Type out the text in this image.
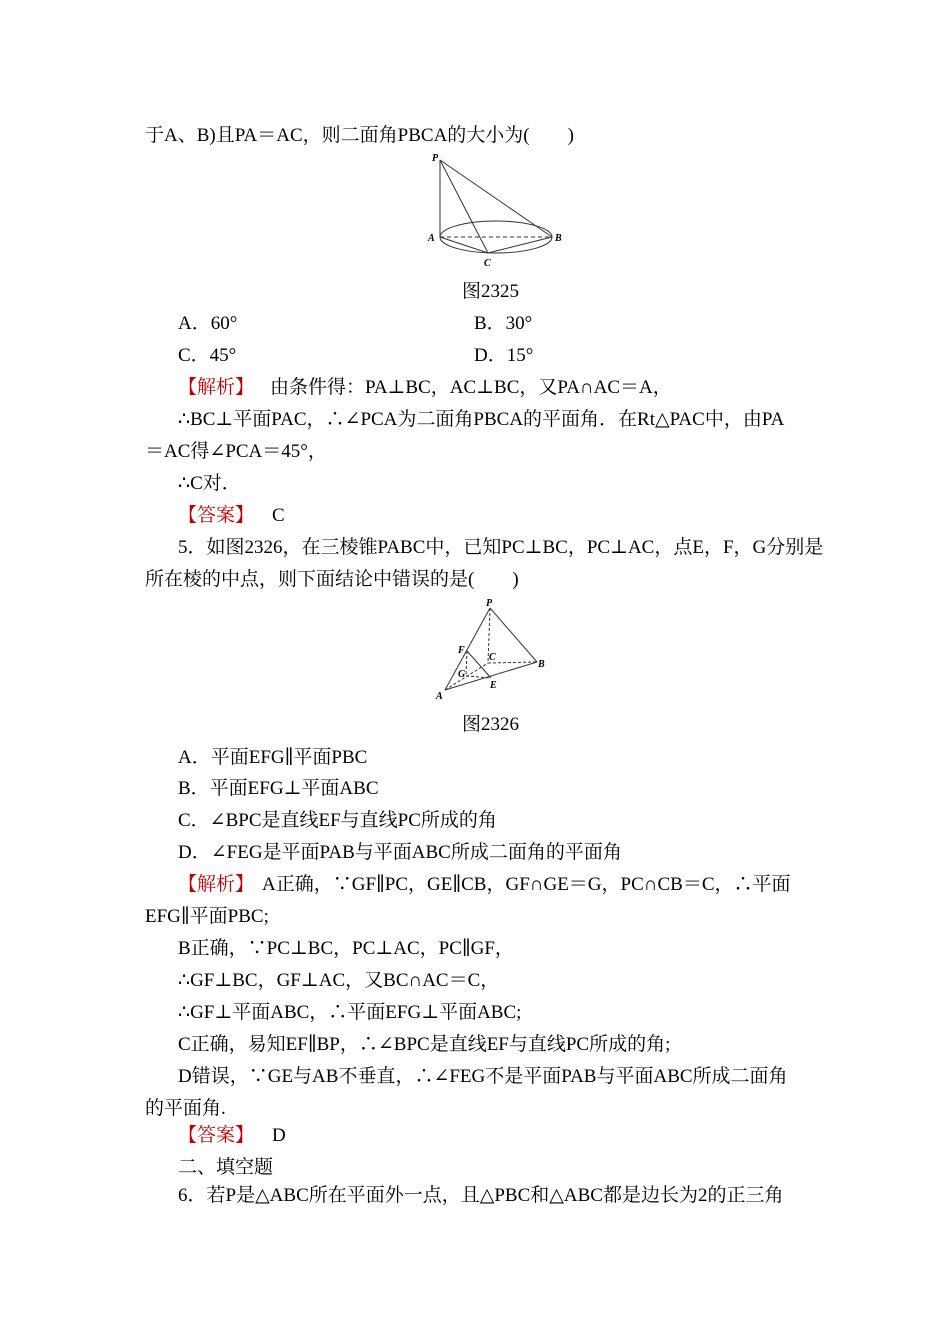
于A、B)且PA＝AC，则二面角PBCA的大小为(　　)
P
A	B
C
图2325
A．60°	B．30°
C．45°	D．15°
【解析】 由条件得：PA⊥BC，AC⊥BC，又PA∩AC＝A，
∴BC⊥平面PAC，∴∠PCA为二面角PBCA的平面角．在Rt△PAC中，由PA
＝AC得∠PCA＝45°，
∴C对．
【答案】 C
5．如图2326，在三棱锥PABC中，已知PC⊥BC，PC⊥AC，点E，F，G分别是
所在棱的中点，则下面结论中错误的是(　　)
P
F
C
B
G
E
A
图2326
A．平面EFG∥平面PBC
B．平面EFG⊥平面ABC
C．∠BPC是直线EF与直线PC所成的角
D．∠FEG是平面PAB与平面ABC所成二面角的平面角
【解析】 A正确，∵GF∥PC，GE∥CB，GF∩GE＝G，PC∩CB＝C，∴平面
EFG∥平面PBC;
B正确，∵PC⊥BC，PC⊥AC，PC∥GF，
∴GF⊥BC，GF⊥AC，又BC∩AC＝C，
∴GF⊥平面ABC，∴平面EFG⊥平面ABC;
C正确，易知EF∥BP，∴∠BPC是直线EF与直线PC所成的角;
D错误，∵GE与AB不垂直，∴∠FEG不是平面PAB与平面ABC所成二面角
的平面角.
【答案】 D
二、填空题
6．若P是△ABC所在平面外一点，且△PBC和△ABC都是边长为2的正三角
